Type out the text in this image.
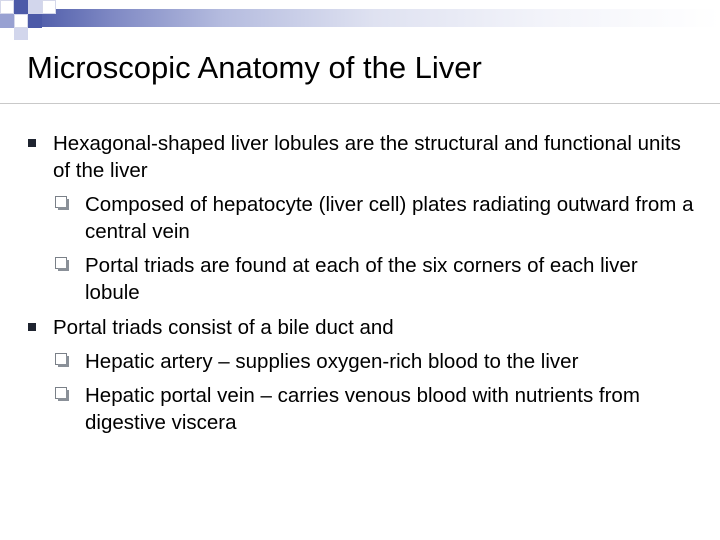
Microscopic Anatomy of the Liver
Hexagonal-shaped liver lobules are the structural and functional units of the liver
Composed of hepatocyte (liver cell) plates radiating outward from a central vein
Portal triads are found at each of the six corners of each liver lobule
Portal triads consist of a bile duct and
Hepatic artery – supplies oxygen-rich blood to the liver
Hepatic portal vein – carries venous blood with nutrients from digestive viscera
